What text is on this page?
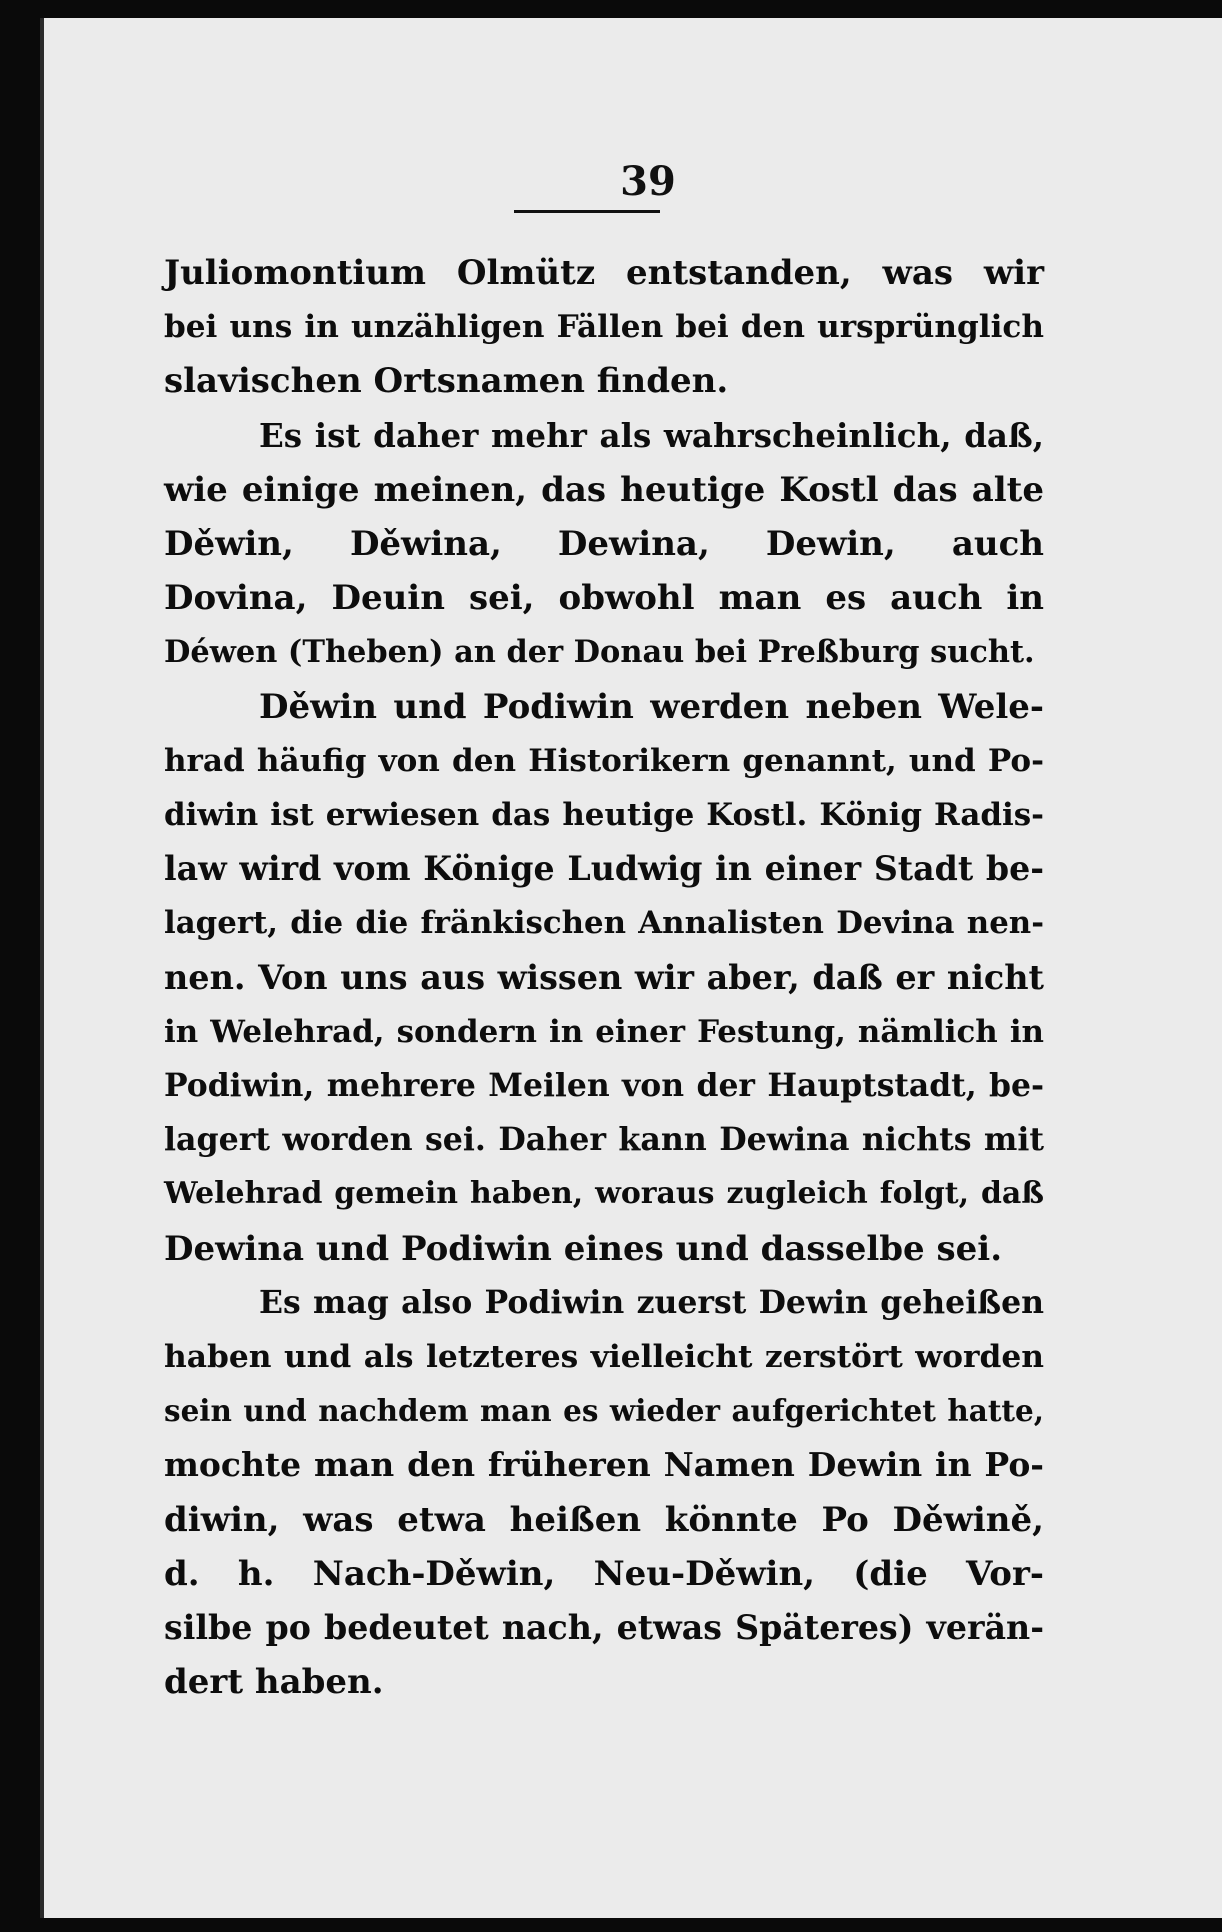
39
Juliomontium Olmütz entstanden, was wir
bei uns in unzähligen Fällen bei den ursprünglich
slavischen Ortsnamen finden.
Es ist daher mehr als wahrscheinlich, daß,
wie einige meinen, das heutige Kostl das alte
Děwin, Děwina, Dewina, Dewin, auch
Dovina, Deuin sei, obwohl man es auch in
Déwen (Theben) an der Donau bei Preßburg sucht.
Děwin und Podiwin werden neben Wele-
hrad häufig von den Historikern genannt, und Po-
diwin ist erwiesen das heutige Kostl. König Radis-
law wird vom Könige Ludwig in einer Stadt be-
lagert, die die fränkischen Annalisten Devina nen-
nen. Von uns aus wissen wir aber, daß er nicht
in Welehrad, sondern in einer Festung, nämlich in
Podiwin, mehrere Meilen von der Hauptstadt, be-
lagert worden sei. Daher kann Dewina nichts mit
Welehrad gemein haben, woraus zugleich folgt, daß
Dewina und Podiwin eines und dasselbe sei.
Es mag also Podiwin zuerst Dewin geheißen
haben und als letzteres vielleicht zerstört worden
sein und nachdem man es wieder aufgerichtet hatte,
mochte man den früheren Namen Dewin in Po-
diwin, was etwa heißen könnte Po Děwině,
d. h. Nach-Děwin, Neu-Děwin, (die Vor-
silbe po bedeutet nach, etwas Späteres) verän-
dert haben.
